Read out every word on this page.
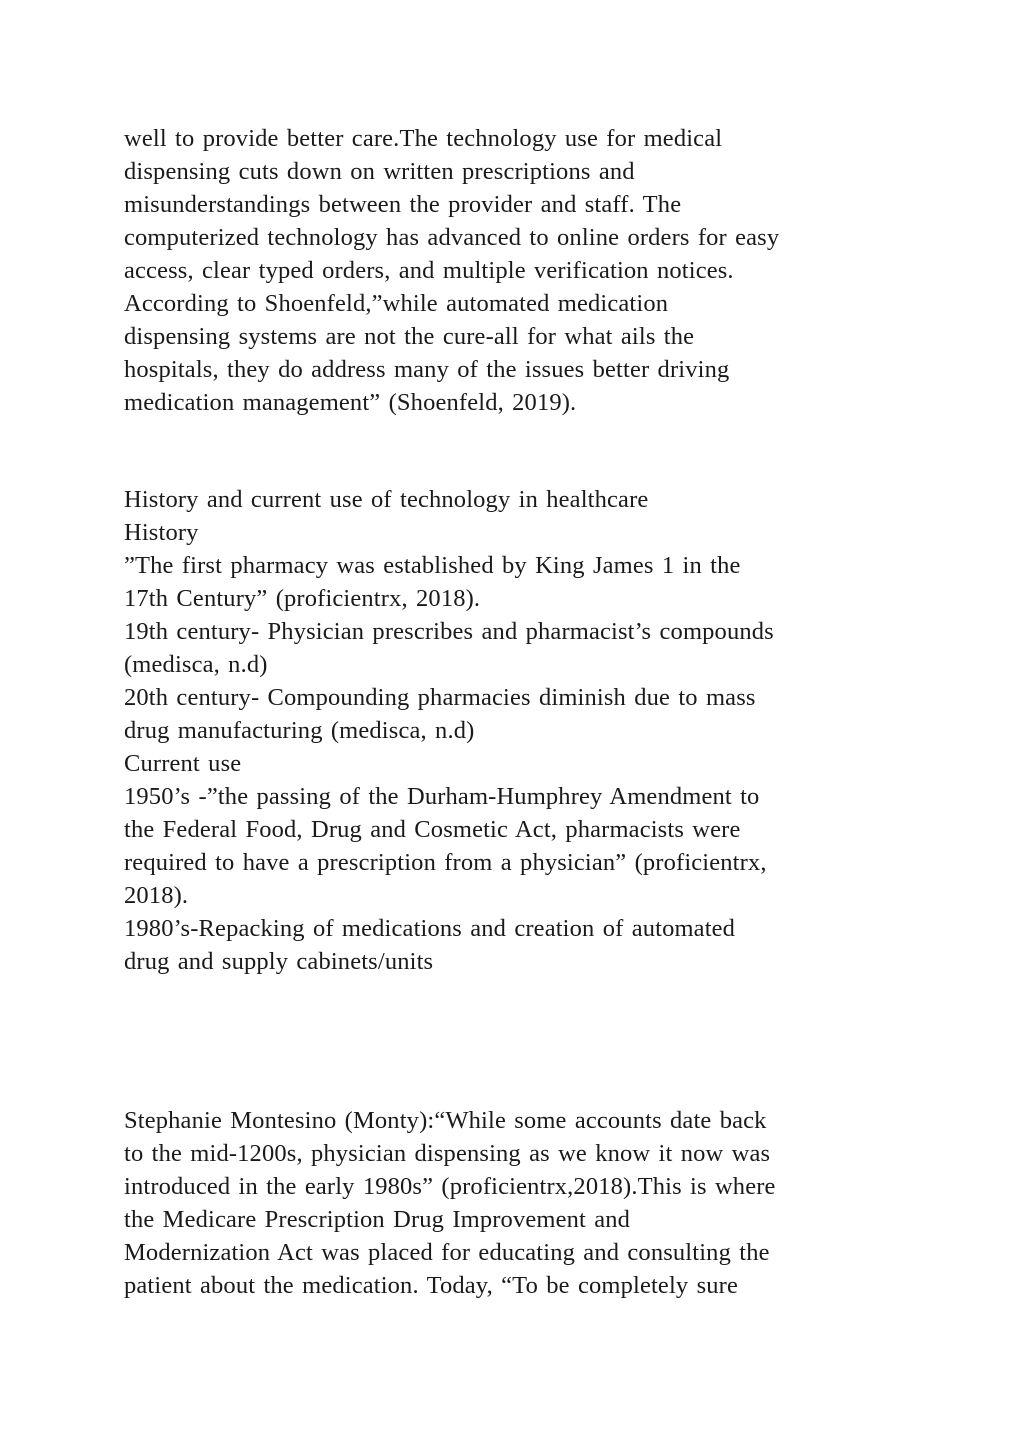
well to provide better care.The technology use for medical
dispensing cuts down on written prescriptions and
misunderstandings between the provider and staff. The
computerized technology has advanced to online orders for easy
access, clear typed orders, and multiple verification notices.
According to Shoenfeld,”while automated medication
dispensing systems are not the cure-all for what ails the
hospitals, they do address many of the issues better driving
medication management” (Shoenfeld, 2019).
History and current use of technology in healthcare
History
”The first pharmacy was established by King James 1 in the
17th Century” (proficientrx, 2018).
19th century- Physician prescribes and pharmacist’s compounds
(medisca, n.d)
20th century- Compounding pharmacies diminish due to mass
drug manufacturing (medisca, n.d)
Current use
1950’s -”the passing of the Durham-Humphrey Amendment to
the Federal Food, Drug and Cosmetic Act, pharmacists were
required to have a prescription from a physician” (proficientrx,
2018).
1980’s-Repacking of medications and creation of automated
drug and supply cabinets/units
Stephanie Montesino (Monty):“While some accounts date back
to the mid-1200s, physician dispensing as we know it now was
introduced in the early 1980s” (proficientrx,2018).This is where
the Medicare Prescription Drug Improvement and
Modernization Act was placed for educating and consulting the
patient about the medication. Today, “To be completely sure
